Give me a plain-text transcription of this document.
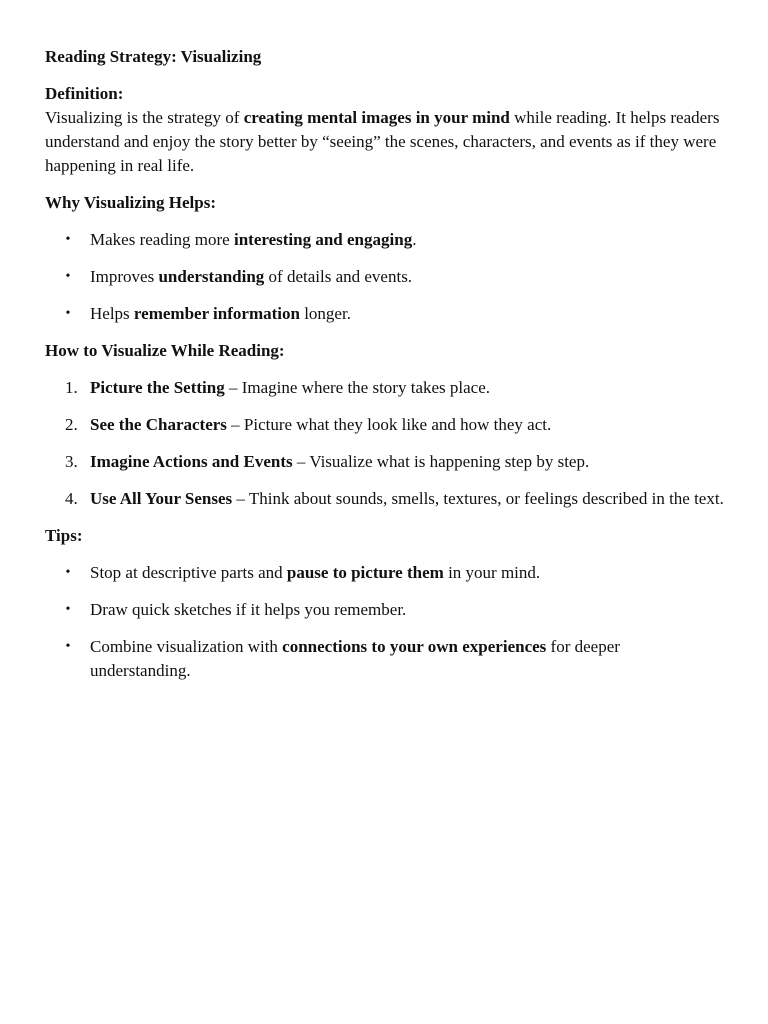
Reading Strategy: Visualizing

Definition:

Visualizing is the strategy of creating mental images in your mind while reading. It helps readers understand and enjoy the story better by “seeing” the scenes, characters, and events as if they were happening in real life.

Why Visualizing Helps:

• Makes reading more interesting and engaging.
• Improves understanding of details and events.
• Helps remember information longer.

How to Visualize While Reading:

1. Picture the Setting – Imagine where the story takes place.
2. See the Characters – Picture what they look like and how they act.
3. Imagine Actions and Events – Visualize what is happening step by step.
4. Use All Your Senses – Think about sounds, smells, textures, or feelings described in the text.

Tips:

• Stop at descriptive parts and pause to picture them in your mind.
• Draw quick sketches if it helps you remember.
• Combine visualization with connections to your own experiences for deeper understanding.
